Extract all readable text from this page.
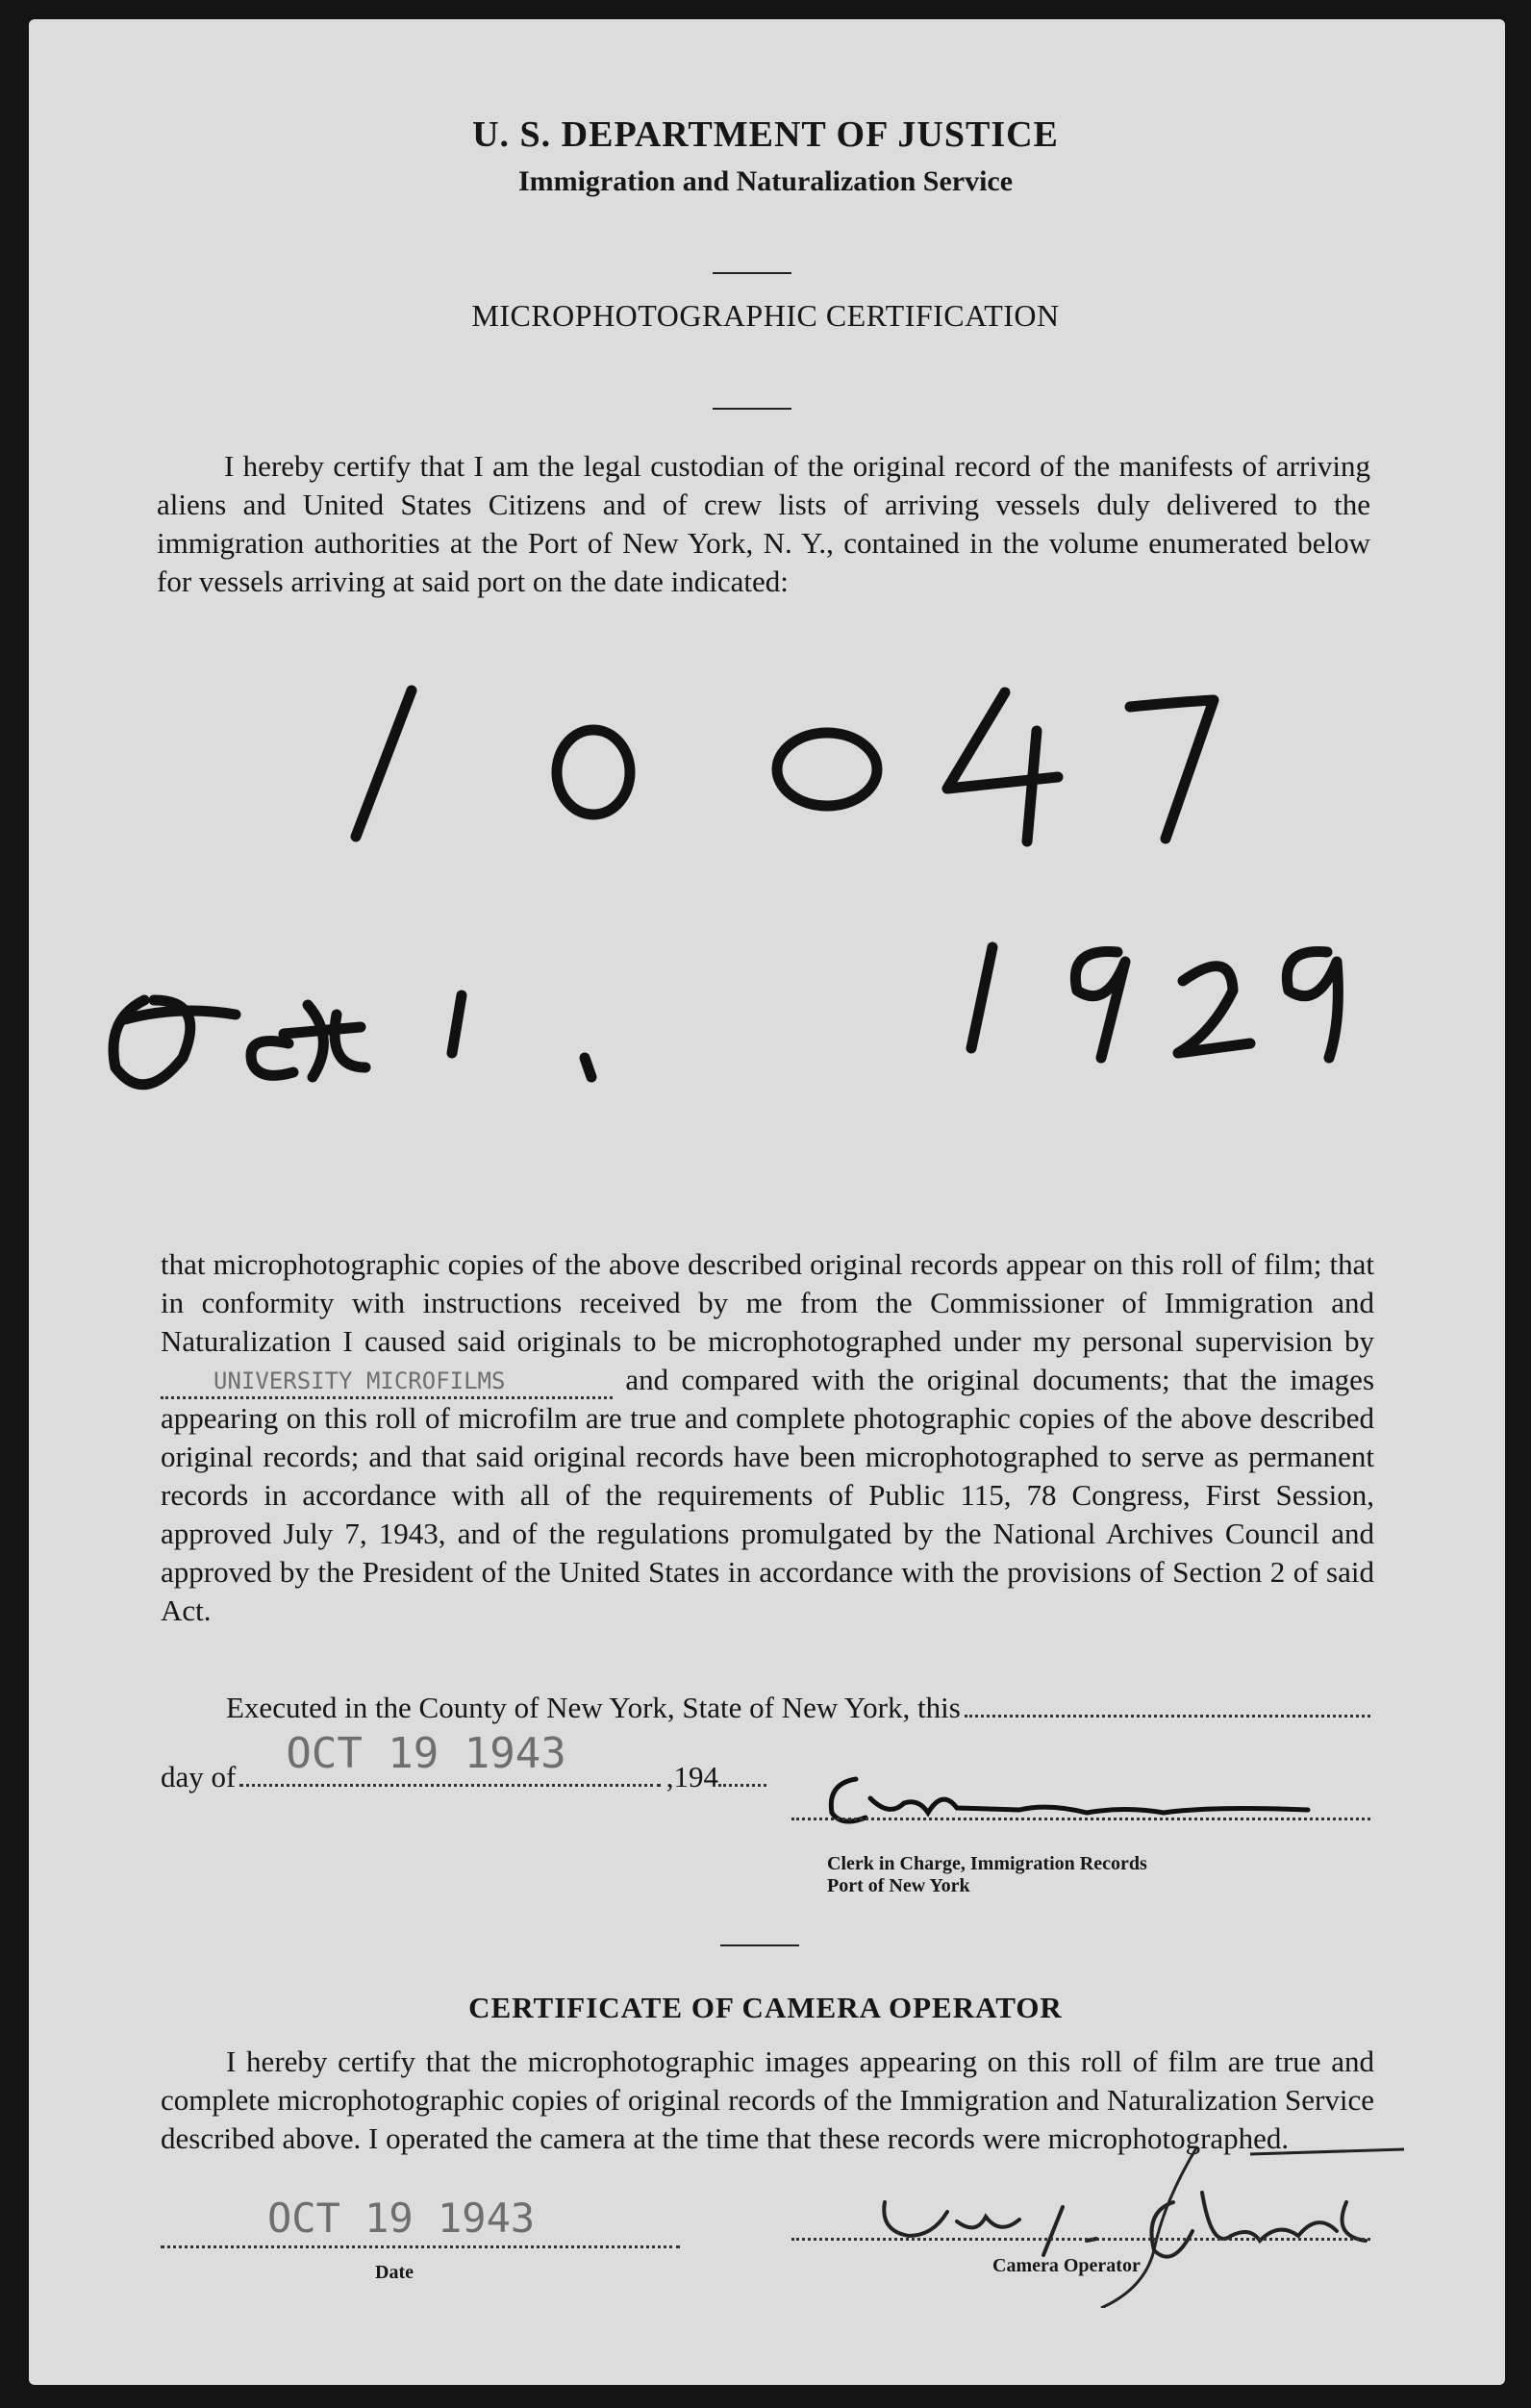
U. S. DEPARTMENT OF JUSTICE
Immigration and Naturalization Service
MICROPHOTOGRAPHIC CERTIFICATION
I hereby certify that I am the legal custodian of the original record of the manifests of arriving aliens and United States Citizens and of crew lists of arriving vessels duly delivered to the immigration authorities at the Port of New York, N. Y., contained in the volume enumerated below for vessels arriving at said port on the date indicated:
that microphotographic copies of the above described original records appear on this roll of film; that in conformity with instructions received by me from the Commissioner of Immigration and Naturalization I caused said originals to be microphotographed under my personal supervision by
UNIVERSITY MICROFILMS	and compared with the original documents; that the images appearing on this roll of microfilm are true and complete photographic copies of the above described original records; and that said original records have been microphotographed to serve as permanent records in accordance with all of the requirements of Public 115, 78 Congress, First Session, approved July 7, 1943, and of the regulations promulgated by the National Archives Council and approved by the President of the United States in accordance with the provisions of Section 2 of said Act.
Executed in the County of New York, State of New York, this
day of OCT 19 1943	, 194
Clerk in Charge, Immigration Records
Port of New York
CERTIFICATE OF CAMERA OPERATOR
I hereby certify that the microphotographic images appearing on this roll of film are true and complete microphotographic copies of original records of the Immigration and Naturalization Service described above. I operated the camera at the time that these records were microphotographed.
OCT 19 1943
Date	Camera Operator
